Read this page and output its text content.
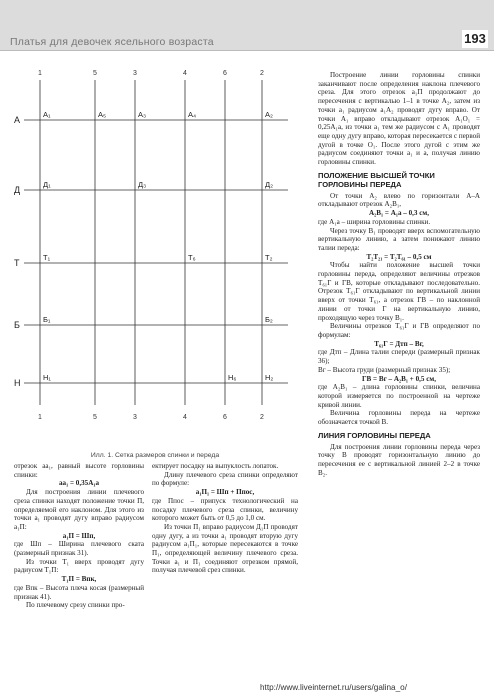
Платья для девочек ясельного возраста	193
1
1
5
5
3
3
4
4
6
6
2
2
А
А₁	А₅	А₃	А₄	А₂
Д
Д₁	Д₃	Д₂
Т
Т₁	Т₆	Т₂
Б
Б₁	Б₂
Н
Н₁	Н₆	Н₂
Илл. 1. Сетка размеров спинки и переда

отрезок аа₁, равный высоте горловины спинки:

аа₁ = 0,35А₁а

Для построения линии плечевого среза спинки находят положение точки П, определяемой его наклоном. Для этого из точки а₁ проводят дугу вправо радиусом а₁П:

а₁П = Шп,

где Шп – Ширина плечевого ската (размерный признак 31).

Из точки Т₁ вверх проводят дугу радиусом Т₁П:

Т₁П = Впк,

где Впк – Высота плеча косая (размерный признак 41).

По плечевому срезу спинки про-

ектирует посадку на выпуклость лопаток.

Длину плечевого среза спинки определяют по формуле:

а₁П₁ = Шп + Ппос,

где Ппос – припуск технологический на посадку плечевого среза спинки, величину которого может быть от 0,5 до 1,0 см.

Из точки П₁ вправо радиусом Д₁П проводят одну дугу, а из точки а₁ проводят вторую дугу радиусом а₁П₁, которые пересекаются в точке П₁, определяющей величину плечевого среза. Точки а₁ и П₁ соединяют отрезком прямой, получая плечевой срез спинки.

Построение линии горловины спинки заканчивают после определения наклона плечевого среза. Для этого отрезок а₁П продолжают до пересечения с вертикалью 1–1 в точке А₂, затем из точки а₁ радиусом а₁А₂ проводят дугу вправо. От точки А₁ вправо откладывают отрезок А₁О₁ = 0,25А₁а, из точки а₁ тем же радиусом с А₁ проводят еще одну дугу вправо, которая пересекается с первой дугой в точке О₁. После этого дугой с этим же радиусом соединяют точки а₁ и а, получая линию горловины спинки.

ПОЛОЖЕНИЕ ВЫСШЕЙ ТОЧКИ ГОРЛОВИНЫ ПЕРЕДА

От точки А₂ влево по горизонтали А–А откладывают отрезок А₂В₁,

А₂В₁ = А₁а – 0,3 см,

где А₁а – ширина горловины спинки.

Через точку В₁ проводят вверх вспомогательную вертикальную линию, а затем понижают линию талии переда:

Т₂Т₂₁ = Т₂Т₆₁ – 0,5 см

Чтобы найти положение высшей точки горловины переда, определяют величины отрезков Т₆₁Г и ГВ, которые откладывают последовательно. Отрезок Т₆₁Г откладывают по вертикальной линии вверх от точки Т₆₁, а отрезок ГВ – по наклонной линии от точки Г на вертикальную линию, проходящую через точку В₁.

Величины отрезков Т₆₁Г и ГВ определяют по формулам:

Т₆₁Г = Дтп – Вг,

где Дтп – Длина талии спереди (размерный признак 36);

Вг – Высота груди (размерный признак 35);

ГВ = Вг – А₂В₁ + 0,5 см,

где А₂В₁ – длина горловины спинки, величина которой измеряется по построенной на чертеже кривой линии.

Величина горловины переда на чертеже обозначается точкой В.

ЛИНИЯ ГОРЛОВИНЫ ПЕРЕДА

Для построения линии горловины переда через точку В проводят горизонтальную линию до пересечения ее с вертикальной линией 2–2 в точке В₂.

http://www.liveinternet.ru/users/galina_o/
